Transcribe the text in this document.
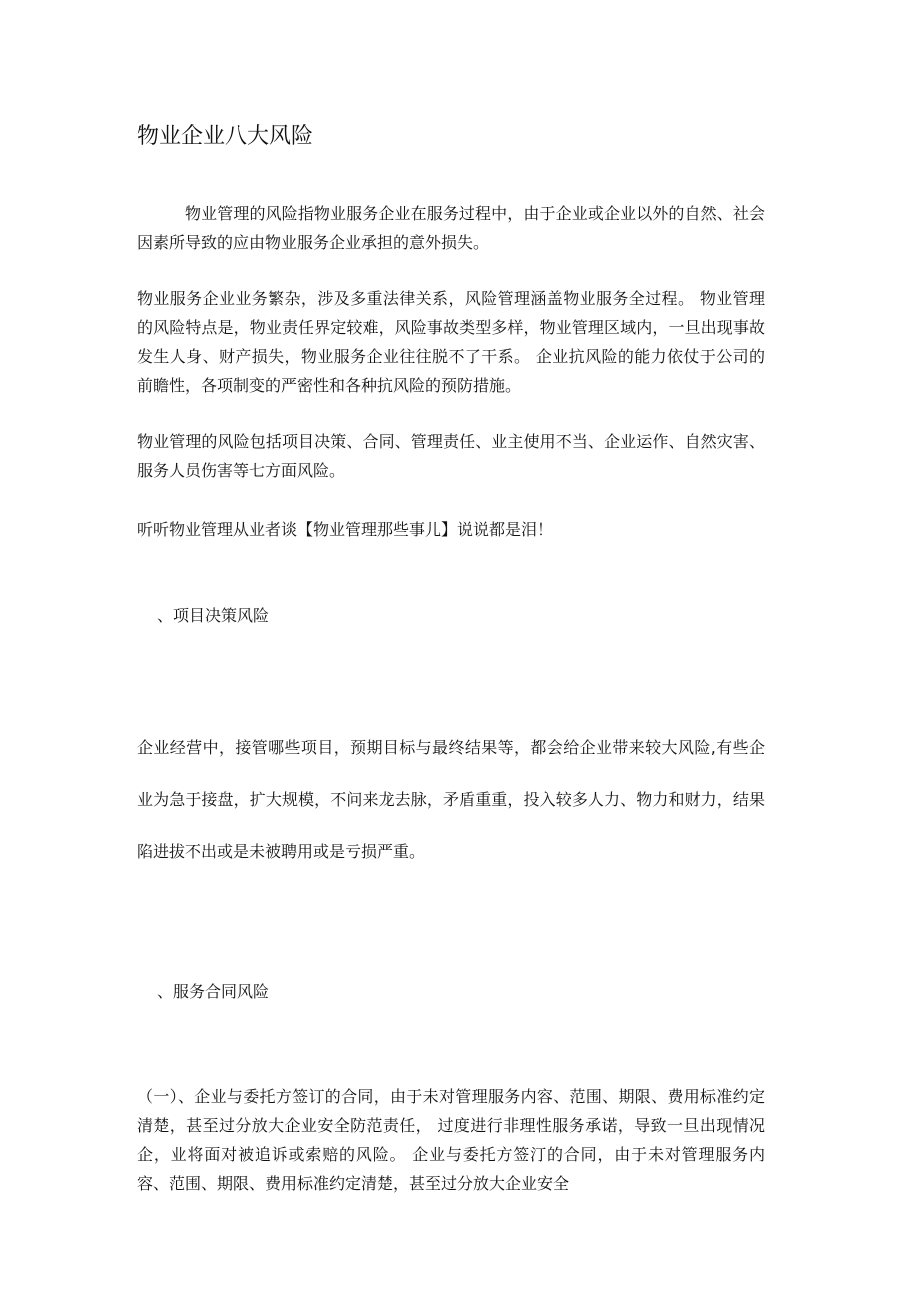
物业企业八大风险

物业管理的风险指物业服务企业在服务过程中，由于企业或企业以外的自然、社会因素所导致的应由物业服务企业承担的意外损失。

物业服务企业业务繁杂，涉及多重法律关系，风险管理涵盖物业服务全过程。 物业管理的风险特点是，物业责任界定较难，风险事故类型多样，物业管理区域内，一旦出现事故发生人身、财产损失，物业服务企业往往脱不了干系。 企业抗风险的能力依仗于公司的前瞻性，各项制变的严密性和各种抗风险的预防措施。

物业管理的风险包括项目决策、合同、管理责任、业主使用不当、企业运作、自然灾害、服务人员伤害等七方面风险。

听听物业管理从业者谈【物业管理那些事儿】说说都是泪！

、项目决策风险

企业经营中，接管哪些项目，预期目标与最终结果等，都会给企业带来较大风险,有些企业为急于接盘，扩大规模，不问来龙去脉，矛盾重重，投入较多人力、物力和财力，结果陷进拔不出或是未被聘用或是亏损严重。

、服务合同风险

（一）、企业与委托方签订的合同，由于未对管理服务内容、范围、期限、费用标准约定清楚，甚至过分放大企业安全防范责任， 过度进行非理性服务承诺，导致一旦出现情况企，业将面对被追诉或索赔的风险。 企业与委托方签汀的合同，由于未对管理服务内容、范围、期限、费用标准约定清楚，甚至过分放大企业安全
